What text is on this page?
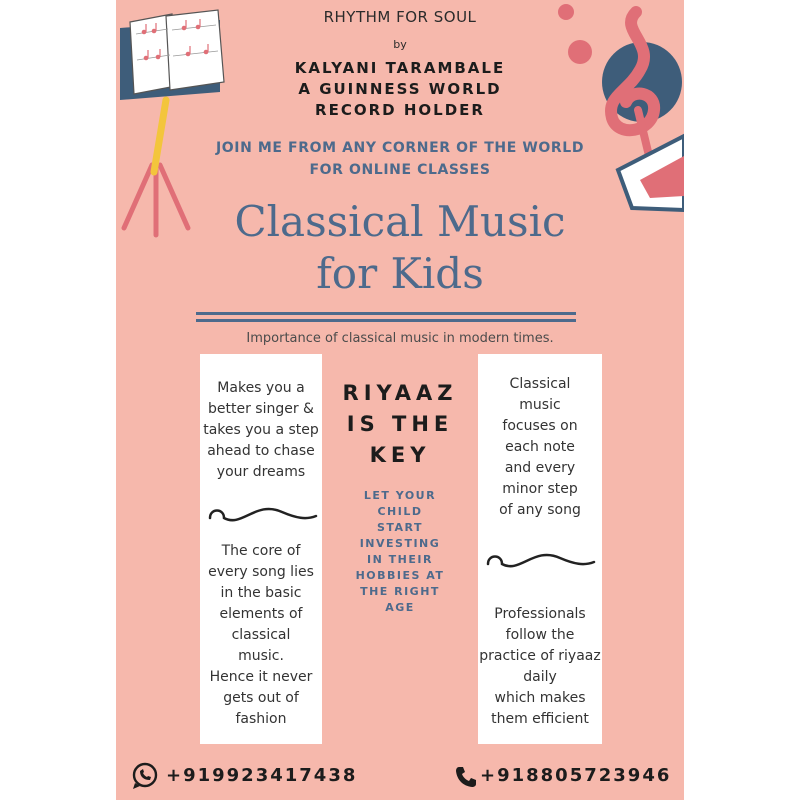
RHYTHM FOR SOUL
by
KALYANI TARAMBALE
A GUINNESS WORLD
RECORD HOLDER
JOIN ME FROM ANY CORNER OF THE WORLD
FOR ONLINE CLASSES
Classical Music
for Kids
Importance of classical music in modern times.
Makes you a
better singer &
takes you a step
ahead to chase
your dreams
The core of
every song lies
in the basic
elements of
classical
music.
Hence it never
gets out of
fashion
RIYAAZ
IS THE
KEY
LET YOUR
CHILD
START
INVESTING
IN THEIR
HOBBIES AT
THE RIGHT
AGE
Classical
music
focuses on
each note
and every
minor step
of any song
Professionals
follow the
practice of riyaaz
daily
which makes
them efficient
+919923417438	+918805723946
